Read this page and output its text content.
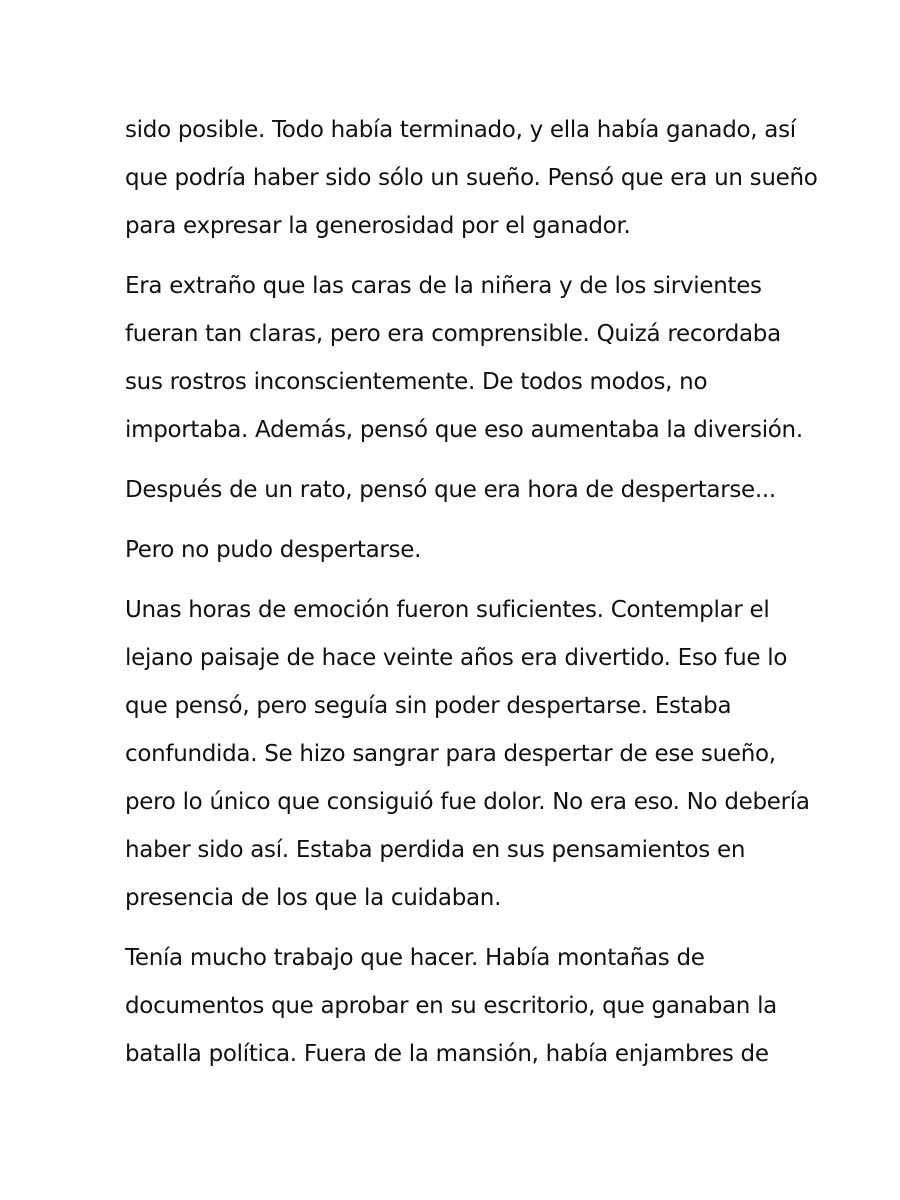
sido posible. Todo había terminado, y ella había ganado, así
que podría haber sido sólo un sueño. Pensó que era un sueño
para expresar la generosidad por el ganador.

Era extraño que las caras de la niñera y de los sirvientes
fueran tan claras, pero era comprensible. Quizá recordaba
sus rostros inconscientemente. De todos modos, no
importaba. Además, pensó que eso aumentaba la diversión.

Después de un rato, pensó que era hora de despertarse...

Pero no pudo despertarse.

Unas horas de emoción fueron suficientes. Contemplar el
lejano paisaje de hace veinte años era divertido. Eso fue lo
que pensó, pero seguía sin poder despertarse. Estaba
confundida. Se hizo sangrar para despertar de ese sueño,
pero lo único que consiguió fue dolor. No era eso. No debería
haber sido así. Estaba perdida en sus pensamientos en
presencia de los que la cuidaban.

Tenía mucho trabajo que hacer. Había montañas de
documentos que aprobar en su escritorio, que ganaban la
batalla política. Fuera de la mansión, había enjambres de
